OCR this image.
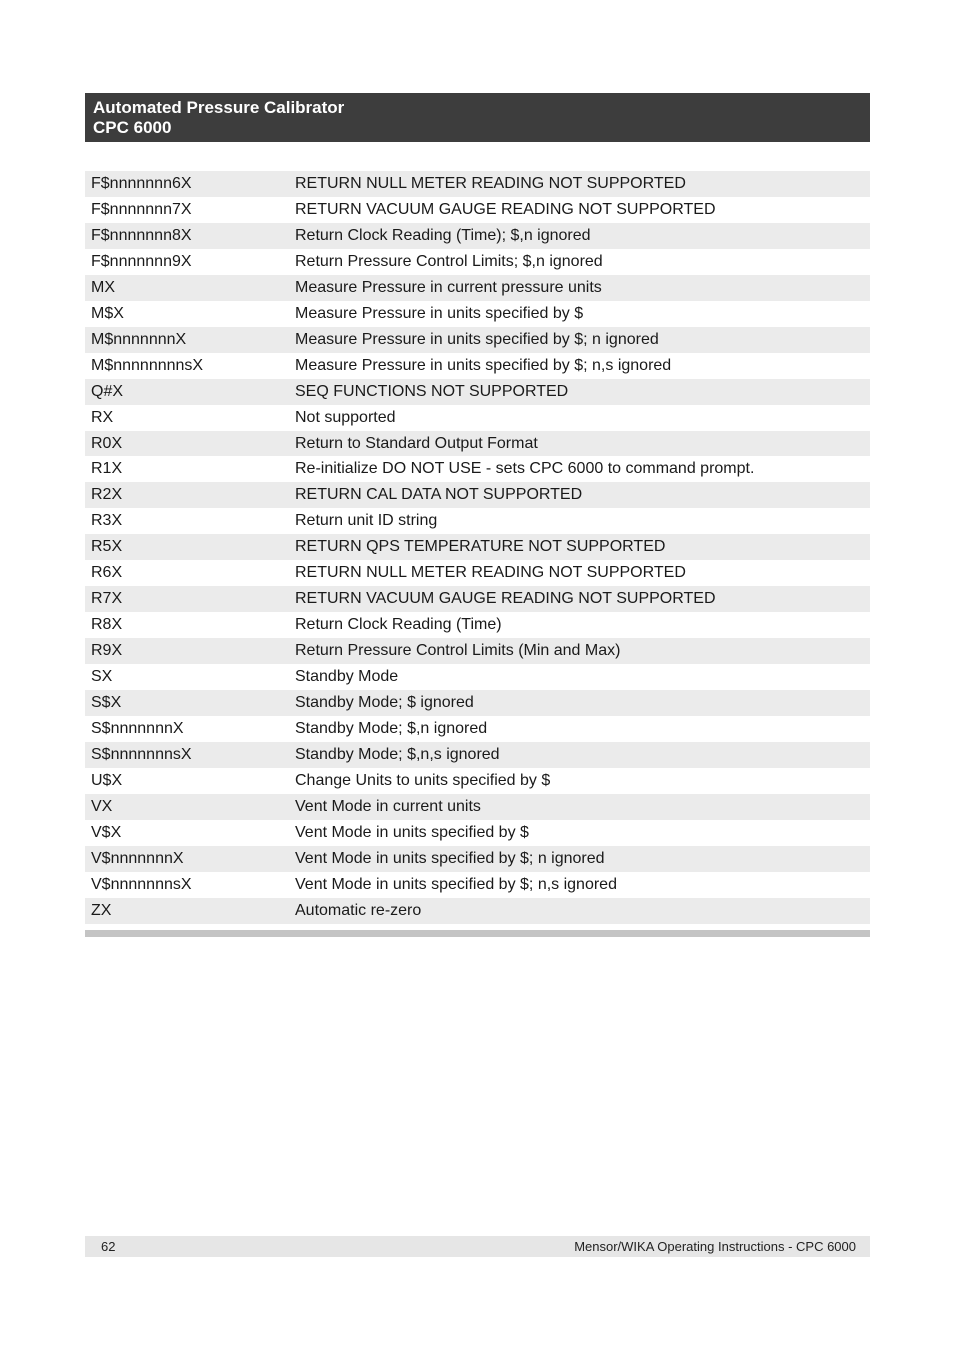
Automated Pressure Calibrator
CPC 6000
F$nnnnnnn6X	RETURN NULL METER READING NOT SUPPORTED
F$nnnnnnn7X	RETURN VACUUM GAUGE READING NOT SUPPORTED
F$nnnnnnn8X	Return Clock Reading (Time); $,n ignored
F$nnnnnnn9X	Return Pressure Control Limits; $,n ignored
MX	Measure Pressure in current pressure units
M$X	Measure Pressure in units specified by $
M$nnnnnnnX	Measure Pressure in units specified by $; n ignored
M$nnnnnnnnsX	Measure Pressure in units specified by $; n,s ignored
Q#X	SEQ FUNCTIONS NOT SUPPORTED
RX	Not supported
R0X	Return to Standard Output Format
R1X	Re-initialize DO NOT USE - sets CPC 6000 to command prompt.
R2X	RETURN CAL DATA NOT SUPPORTED
R3X	Return unit ID string
R5X	RETURN QPS TEMPERATURE NOT SUPPORTED
R6X	RETURN NULL METER READING NOT SUPPORTED
R7X	RETURN VACUUM GAUGE READING NOT SUPPORTED
R8X	Return Clock Reading (Time)
R9X	Return Pressure Control Limits (Min and Max)
SX	Standby Mode
S$X	Standby Mode; $ ignored
S$nnnnnnnX	Standby Mode; $,n ignored
S$nnnnnnnsX	Standby Mode; $,n,s ignored
U$X	Change Units to units specified by $
VX	Vent Mode in current units
V$X	Vent Mode in units specified by $
V$nnnnnnnX	Vent Mode in units specified by $; n ignored
V$nnnnnnnsX	Vent Mode in units specified by $; n,s ignored
ZX	Automatic re-zero
62	Mensor/WIKA Operating Instructions - CPC 6000
